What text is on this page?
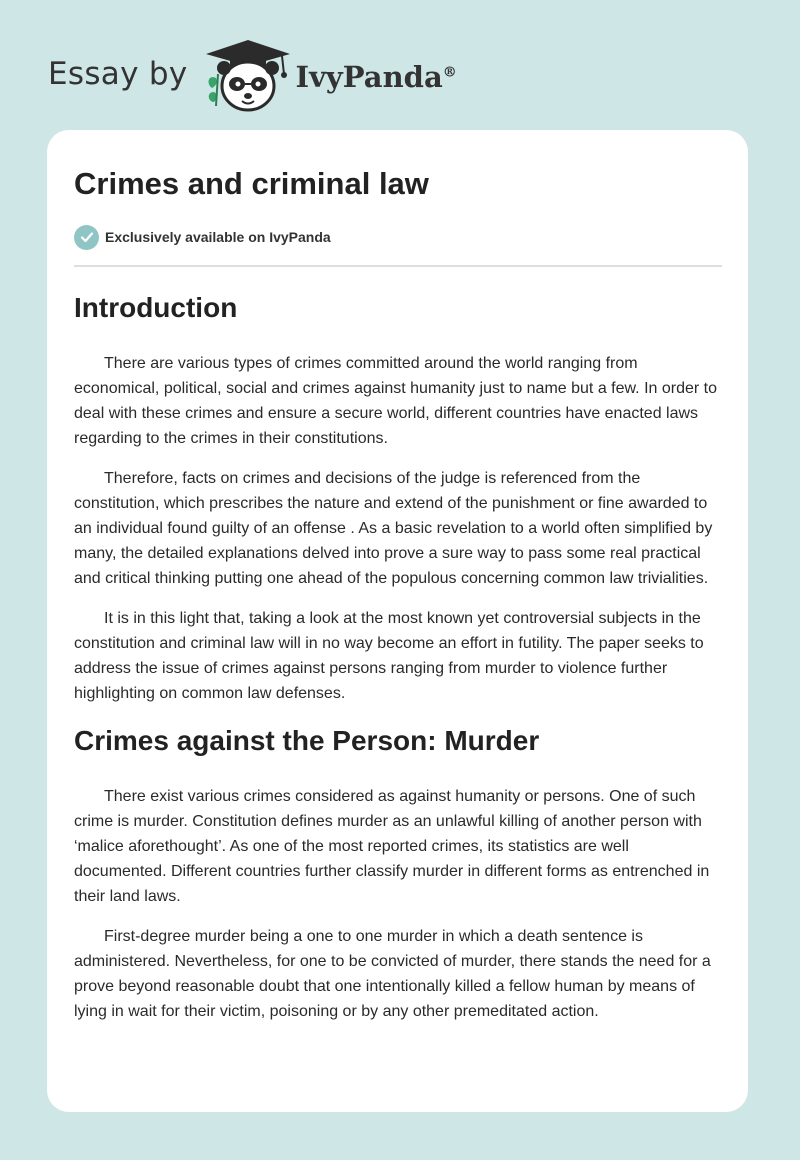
Essay by	IvyPanda®
Crimes and criminal law
Exclusively available on IvyPanda
Introduction

There are various types of crimes committed around the world ranging from economical, political, social and crimes against humanity just to name but a few. In order to deal with these crimes and ensure a secure world, different countries have enacted laws regarding to the crimes in their constitutions.

Therefore, facts on crimes and decisions of the judge is referenced from the constitution, which prescribes the nature and extend of the punishment or fine awarded to an individual found guilty of an offense . As a basic revelation to a world often simplified by many, the detailed explanations delved into prove a sure way to pass some real practical and critical thinking putting one ahead of the populous concerning common law trivialities.

It is in this light that, taking a look at the most known yet controversial subjects in the constitution and criminal law will in no way become an effort in futility. The paper seeks to address the issue of crimes against persons ranging from murder to violence further highlighting on common law defenses.

Crimes against the Person: Murder

There exist various crimes considered as against humanity or persons. One of such crime is murder. Constitution defines murder as an unlawful killing of another person with ‘malice aforethought’. As one of the most reported crimes, its statistics are well documented. Different countries further classify murder in different forms as entrenched in their land laws.

First-degree murder being a one to one murder in which a death sentence is administered. Nevertheless, for one to be convicted of murder, there stands the need for a prove beyond reasonable doubt that one intentionally killed a fellow human by means of lying in wait for their victim, poisoning or by any other premeditated action.
